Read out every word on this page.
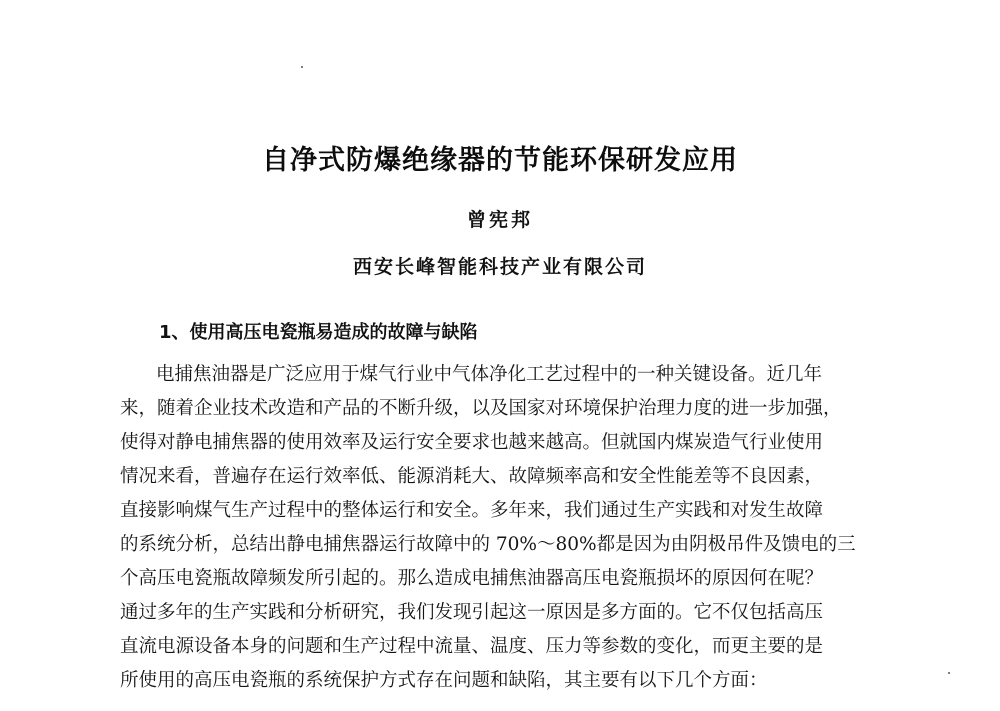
自净式防爆绝缘器的节能环保研发应用
曾宪邦
西安长峰智能科技产业有限公司
1、使用高压电瓷瓶易造成的故障与缺陷
电捕焦油器是广泛应用于煤气行业中气体净化工艺过程中的一种关键设备。近几年
来，随着企业技术改造和产品的不断升级，以及国家对环境保护治理力度的进一步加强，
使得对静电捕焦器的使用效率及运行安全要求也越来越高。但就国内煤炭造气行业使用
情况来看，普遍存在运行效率低、能源消耗大、故障频率高和安全性能差等不良因素，
直接影响煤气生产过程中的整体运行和安全。多年来，我们通过生产实践和对发生故障
的系统分析，总结出静电捕焦器运行故障中的 70%～80%都是因为由阴极吊件及馈电的三
个高压电瓷瓶故障频发所引起的。那么造成电捕焦油器高压电瓷瓶损坏的原因何在呢？
通过多年的生产实践和分析研究，我们发现引起这一原因是多方面的。它不仅包括高压
直流电源设备本身的问题和生产过程中流量、温度、压力等参数的变化，而更主要的是
所使用的高压电瓷瓶的系统保护方式存在问题和缺陷，其主要有以下几个方面：
